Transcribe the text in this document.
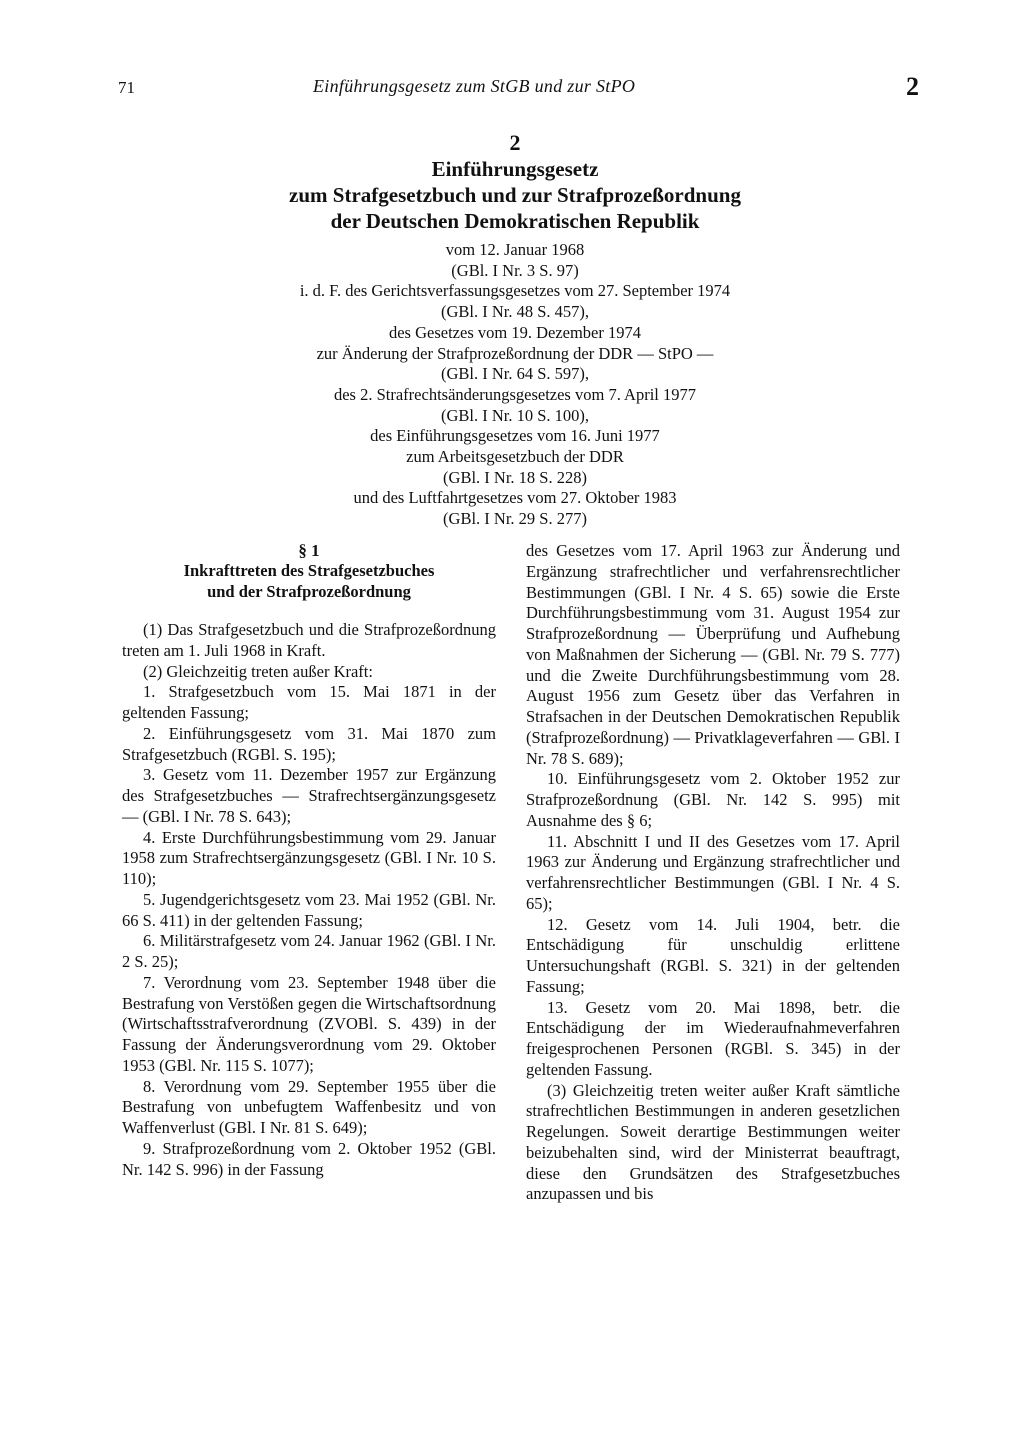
71	Einführungsgesetz zum StGB und zur StPO	2
2
Einführungsgesetz
zum Strafgesetzbuch und zur Strafprozeßordnung
der Deutschen Demokratischen Republik
vom 12. Januar 1968
(GBl. I Nr. 3 S. 97)
i. d. F. des Gerichtsverfassungsgesetzes vom 27. September 1974
(GBl. I Nr. 48 S. 457),
des Gesetzes vom 19. Dezember 1974
zur Änderung der Strafprozeßordnung der DDR — StPO —
(GBl. I Nr. 64 S. 597),
des 2. Strafrechtsänderungsgesetzes vom 7. April 1977
(GBl. I Nr. 10 S. 100),
des Einführungsgesetzes vom 16. Juni 1977
zum Arbeitsgesetzbuch der DDR
(GBl. I Nr. 18 S. 228)
und des Luftfahrtgesetzes vom 27. Oktober 1983
(GBl. I Nr. 29 S. 277)
§ 1
Inkrafttreten des Strafgesetzbuches
und der Strafprozeßordnung

(1) Das Strafgesetzbuch und die Strafprozeßordnung treten am 1. Juli 1968 in Kraft.

(2) Gleichzeitig treten außer Kraft:

1. Strafgesetzbuch vom 15. Mai 1871 in der geltenden Fassung;

2. Einführungsgesetz vom 31. Mai 1870 zum Strafgesetzbuch (RGBl. S. 195);

3. Gesetz vom 11. Dezember 1957 zur Ergänzung des Strafgesetzbuches — Strafrechtsergänzungsgesetz — (GBl. I Nr. 78 S. 643);

4. Erste Durchführungsbestimmung vom 29. Januar 1958 zum Strafrechtsergänzungsgesetz (GBl. I Nr. 10 S. 110);

5. Jugendgerichtsgesetz vom 23. Mai 1952 (GBl. Nr. 66 S. 411) in der geltenden Fassung;

6. Militärstrafgesetz vom 24. Januar 1962 (GBl. I Nr. 2 S. 25);

7. Verordnung vom 23. September 1948 über die Bestrafung von Verstößen gegen die Wirtschaftsordnung (Wirtschaftsstrafverordnung (ZVOBl. S. 439) in der Fassung der Änderungsverordnung vom 29. Oktober 1953 (GBl. Nr. 115 S. 1077);

8. Verordnung vom 29. September 1955 über die Bestrafung von unbefugtem Waffenbesitz und von Waffenverlust (GBl. I Nr. 81 S. 649);

9. Strafprozeßordnung vom 2. Oktober 1952 (GBl. Nr. 142 S. 996) in der Fassung

des Gesetzes vom 17. April 1963 zur Änderung und Ergänzung strafrechtlicher und verfahrensrechtlicher Bestimmungen (GBl. I Nr. 4 S. 65) sowie die Erste Durchführungsbestimmung vom 31. August 1954 zur Strafprozeßordnung — Überprüfung und Aufhebung von Maßnahmen der Sicherung — (GBl. Nr. 79 S. 777) und die Zweite Durchführungsbestimmung vom 28. August 1956 zum Gesetz über das Verfahren in Strafsachen in der Deutschen Demokratischen Republik (Strafprozeßordnung) — Privatklageverfahren — GBl. I Nr. 78 S. 689);

10. Einführungsgesetz vom 2. Oktober 1952 zur Strafprozeßordnung (GBl. Nr. 142 S. 995) mit Ausnahme des § 6;

11. Abschnitt I und II des Gesetzes vom 17. April 1963 zur Änderung und Ergänzung strafrechtlicher und verfahrensrechtlicher Bestimmungen (GBl. I Nr. 4 S. 65);

12. Gesetz vom 14. Juli 1904, betr. die Entschädigung für unschuldig erlittene Untersuchungshaft (RGBl. S. 321) in der geltenden Fassung;

13. Gesetz vom 20. Mai 1898, betr. die Entschädigung der im Wiederaufnahmeverfahren freigesprochenen Personen (RGBl. S. 345) in der geltenden Fassung.

(3) Gleichzeitig treten weiter außer Kraft sämtliche strafrechtlichen Bestimmungen in anderen gesetzlichen Regelungen. Soweit derartige Bestimmungen weiter beizubehalten sind, wird der Ministerrat beauftragt, diese den Grundsätzen des Strafgesetzbuches anzupassen und bis
